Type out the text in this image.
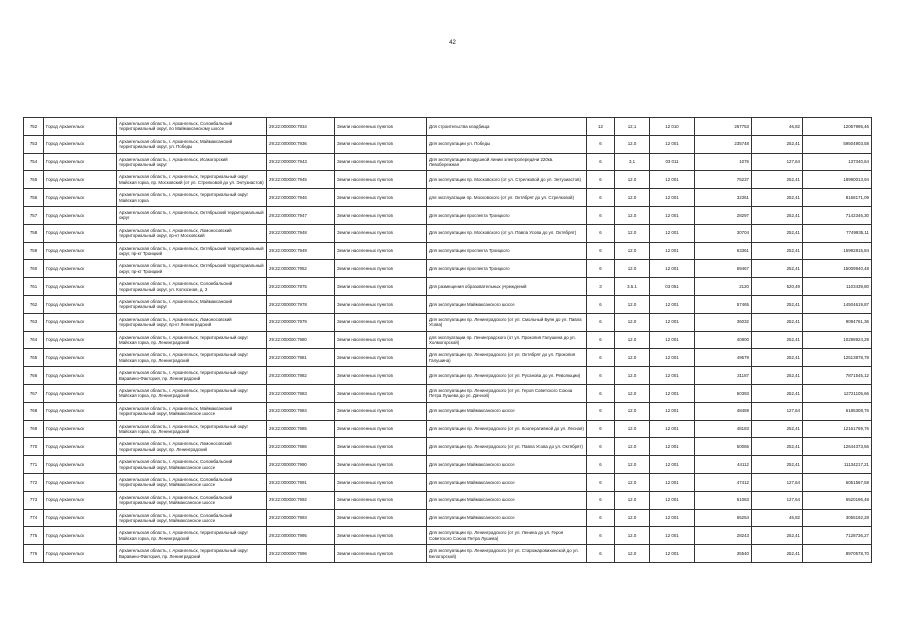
42
752	Город Архангельск	Архангельская область, г. Архангельск, Соломбальский территориальный округ, по Маймаксанскому шоссе	29:22:000000:7934	Земли населенных пунктов	Для строительства кладбища	12	12,1	12 010	267753	46,82	12067995,46
753	Город Архангельск	Архангельская область, г. Архангельск, Маймаксанский территориальный округ, ул. Победы	29:22:000000:7936	Земли населенных пунктов	Для эксплуатации ул. Победы	6	12.0	12 001	235748	252,41	59504903,58
754	Город Архангельск	Архангельская область, г. Архангельск, Исакогорский территориальный округ	29:22:000000:7943	Земли населенных пунктов	Для эксплуатации воздушной линии электропередачи 220кв. Левобережная	6	3,1	03 011	1076	127,64	137340,64
755	Город Архангельск	Архангельская область, г. Архангельск, территориальный округ Майская горка, пр. Московский (от ул. Стрелковой до ул. Энтузиастов)	29:22:000000:7945	Земли населенных пунктов	Для эксплуатации пр. Московского (от ул. Стрелковой до ул. Энтузиастов)	6	12.0	12 001	75237	252,41	18990013,94
756	Город Архангельск	Архангельская область, г. Архангельск, территориальный округ Майская горка	29:22:000000:7946	Земли населенных пунктов	для эксплуатации пр. Московского (от ул. Октябрят до ул. Стрелковой)	6	12.0	12 001	32361	252,41	8168171,09
757	Город Архангельск	Архангельская область, г. Архангельск, Октябрьский территориальный округ	29:22:000000:7947	Земли населенных пунктов	Для эксплуатации проспекта Троицкого	6	12.0	12 001	28297	252,41	7142346,30
758	Город Архангельск	Архангельская область, г. Архангельск, Ломоносовский территориальный округ, пр-кт Московский	29:22:000000:7948	Земли населенных пунктов	Для эксплуатации пр. Московского (от ул. Павла Усова до ул. Октябрят)	6	12.0	12 001	30704	252,41	7749935,11
759	Город Архангельск	Архангельская область, г. Архангельск, Октябрьский территориальный округ, пр-кт Троицкий	29:22:000000:7949	Земли населенных пунктов	Для эксплуатации проспекта Троицкого	6	12.0	12 001	63361	252,41	15992815,84
760	Город Архангельск	Архангельская область, г. Архангельск, Октябрьский территориальный округ, пр-кт Троицкий	29:22:000000:7952	Земли населенных пунктов	Для эксплуатации проспекта Троицкого	6	12.0	12 001	59467	252,41	15009940,48
761	Город Архангельск	Архангельская область, г. Архангельск, Соломбальский территориальный округ, ул. Колхозная, д. 3	29:22:000000:7975	Земли населенных пунктов	Для размещения образовательных учреждений	3	3.5.1	03 051	2120	520,49	1103439,80
762	Город Архангельск	Архангельская область, г. Архангельск, Маймаксанский территориальный округ	29:22:000000:7978	Земли населенных пунктов	Для эксплуатации Маймаксанского шоссе	6	12.0	12 001	57465	252,41	14504619,87
763	Город Архангельск	Архангельская область, г. Архангельск, Ломоносовский территориальный округ, пр-кт Ленинградский	29:22:000000:7979	Земли населенных пунктов	Для эксплуатации пр. Ленинградского (от ул. Смольный Буян до ул. Павла Усова)	6	12.0	12 001	36032	252,41	9094761,36
764	Город Архангельск	Архангельская область, г. Архангельск, территориальный округ Майская горка, пр. Ленинградский	29:22:000000:7980	Земли населенных пунктов	для эксплуатации пр. Ленинградского (от ул. Прокопия Галушина до ул. Холмогорской)	6	12.0	12 001	40800	252,41	10298924,29
765	Город Архангельск	Архангельская область, г. Архангельск, территориальный округ Майская горка, пр. Ленинградский	29:22:000000:7981	Земли населенных пунктов	Для эксплуатации пр. Ленинградского (от ул. Октябрят до ул. Прокопия Галушина)	6	12.0	12 001	49579	252,41	12513878,78
766	Город Архангельск	Архангельская область, г. Архангельск, территориальный округ Варавино-Фактория, пр. Ленинградский	29:22:000000:7982	Земли населенных пунктов	Для эксплуатации пр. Ленинградского (от ул. Русанова до ул. Революции)	6	12.0	12 001	31187	252,41	7871545,12
767	Город Архангельск	Архангельская область, г. Архангельск, территориальный округ Майская горка, пр. Ленинградский	29:22:000000:7983	Земли населенных пунктов	Для эксплуатации пр. Ленинградского (от ул. Героя Советского Союза Петра Лушева до ул. Дачной)	6	12.0	12 001	50393	252,41	12721105,66
768	Город Архангельск	Архангельская область, г. Архангельск, Маймаксанский территориальный округ, Маймаксанское шоссе	29:22:000000:7984	Земли населенных пунктов	Для эксплуатации Маймаксанского шоссе	6	12.0	12 001	48459	127,64	6185308,76
769	Город Архангельск	Архангельская область, г. Архангельск, территориальный округ Майская горка, пр. Ленинградский	29:22:000000:7985	Земли населенных пунктов	Для эксплуатации пр. Ленинградского (от ул. Кооперативной до ул. Лесная)	6	12.0	12 001	48183	252,41	12161769,76
770	Город Архангельск	Архангельская область, г. Архангельск, Ломоносовский территориальный округ, пр. Ленинградский	29:22:000000:7986	Земли населенных пунктов	Для эксплуатации пр. Ленинградского (от ул. Павла Усова до ул. Октябрят)	6	12.0	12 001	50065	252,41	12644373,56
771	Город Архангельск	Архангельская область, г. Архангельск, Соломбальский территориальный округ, Маймаксанское шоссе	29:22:000000:7990	Земли населенных пунктов	Для эксплуатации Маймаксанского шоссе	6	12.0	12 001	44112	252,41	11134217,21
772	Город Архангельск	Архангельская область, г. Архангельск, Соломбальский территориальный округ, Маймаксанское шоссе	29:22:000000:7991	Земли населенных пунктов	Для эксплуатации Маймаксанского шоссе	6	12.0	12 001	47412	127,64	6051567,58
773	Город Архангельск	Архангельская область, г. Архангельск, Соломбальский территориальный округ, Маймаксанское шоссе	29:22:000000:7992	Земли населенных пунктов	Для эксплуатации Маймаксанского шоссе	6	12.0	12 001	51083	127,64	6520196,48
774	Город Архангельск	Архангельская область, г. Архангельск, Соломбальский территориальный округ, Маймаксанское шоссе	29:22:000000:7993	Земли населенных пунктов	Для эксплуатации Маймаксанского шоссе	6	12.0	12 001	65254	46,82	3055192,28
775	Город Архангельск	Архангельская область, г. Архангельск, территориальный округ Майская горка, пр. Ленинградский	29:22:000000:7995	Земли населенных пунктов	Для эксплуатации пр. Ленинградского (от ул. Ленина до ул. Героя Советского Союза Петра Лушева)	6	12.0	12 001	28243	252,41	7128736,27
776	Город Архангельск	Архангельская область, г. Архангельск, территориальный округ Варавино-Фактория, пр. Ленинградский	29:22:000000:7996	Земли населенных пунктов	Для эксплуатации пр. Ленинградского (от ул. Старожаровихинской до ул. Белогорской)	6	12.0	12 001	35540	252,41	8970578,70
